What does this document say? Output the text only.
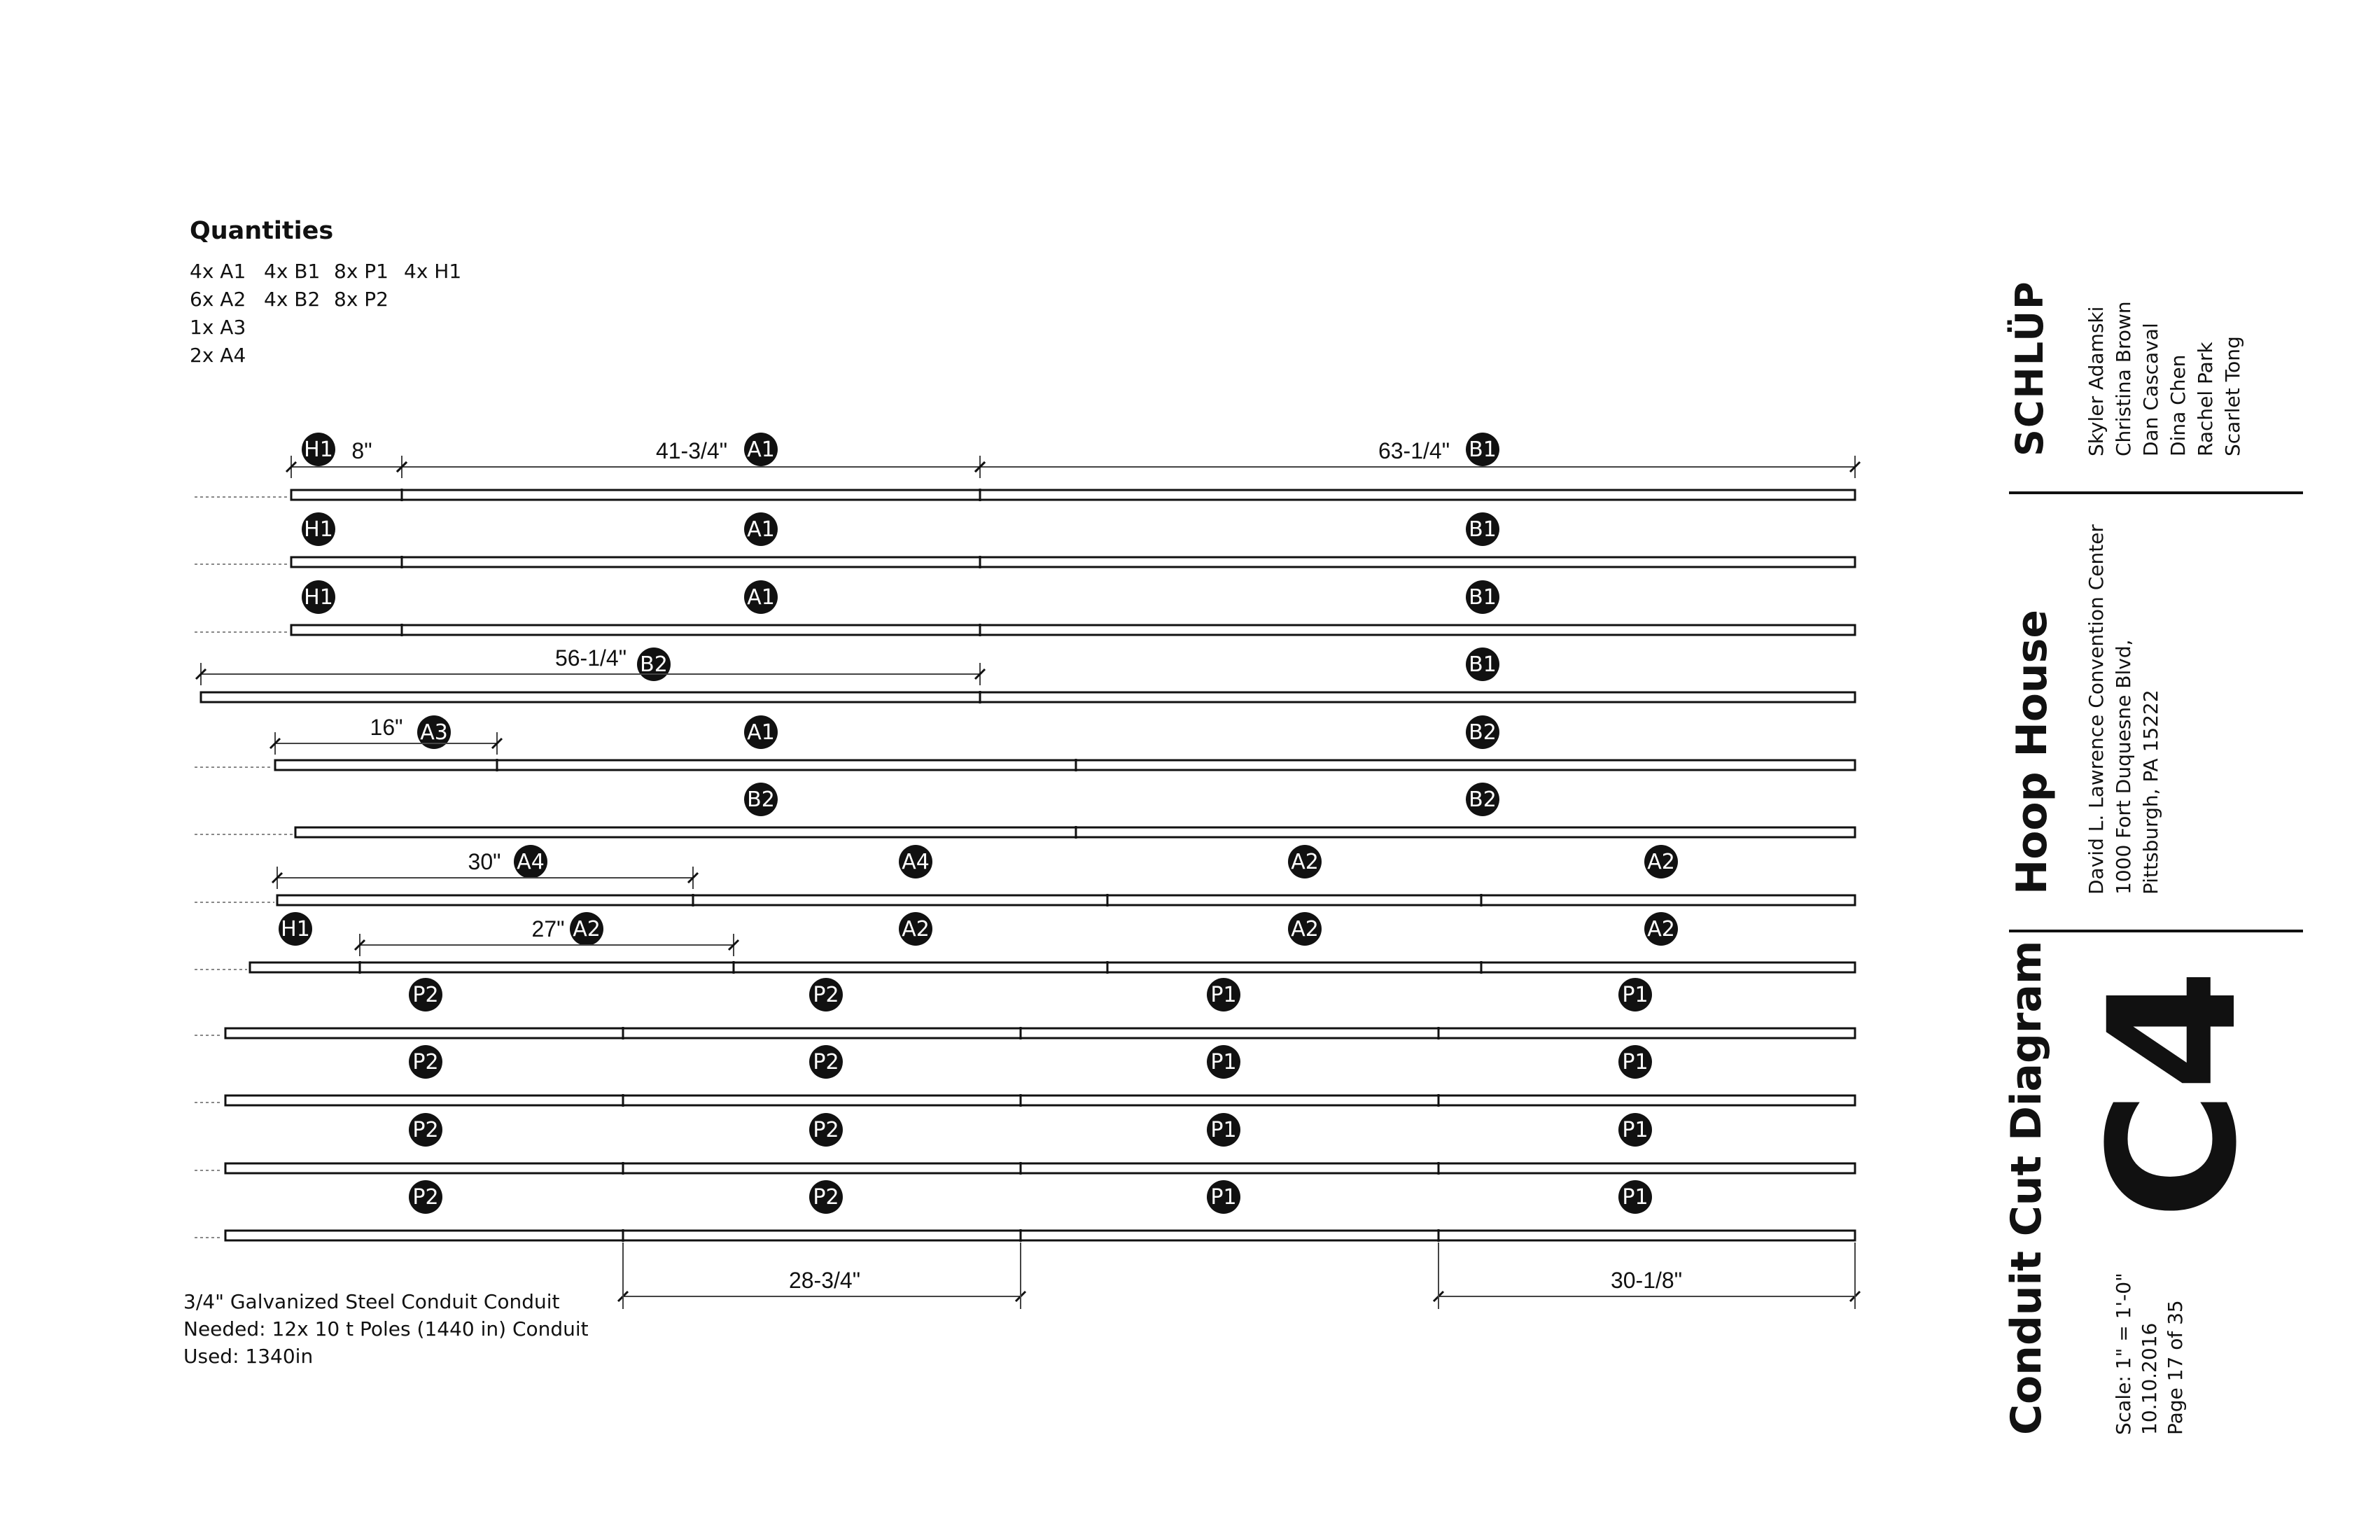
Quantities
4x A1 4x B1 8x P1 4x H1
6x A2 4x B2 8x P2
1x A3
2x A4
H1	A1	B1
H1	A1	B1
H1	A1	B1
B2	B1
A3	A1	B2
B2	B2
A4	A4	A2	A2
H1	A2	A2	A2	A2
P2	P2	P1	P1
P2	P2	P1	P1
P2	P2	P1	P1
P2	P2	P1	P1
8"	41-3/4"	63-1/4"
56-1/4"
16"
30"
27"
28-3/4"	30-1/8"
3/4" Galvanized Steel Conduit Conduit
Needed: 12x 10 t Poles (1440 in) Conduit
Used: 1340in
SCHLÜP Skyler Adamski Christina Brown Dan Cascaval Dina Chen Rachel Park Scarlet Tong
Hoop House David L. Lawrence Convention Center 1000 Fort Duquesne Blvd, Pittsburgh, PA 15222
Conduit Cut Diagram C4
Scale: 1" = 1'-0" 10.10.2016 Page 17 of 35
